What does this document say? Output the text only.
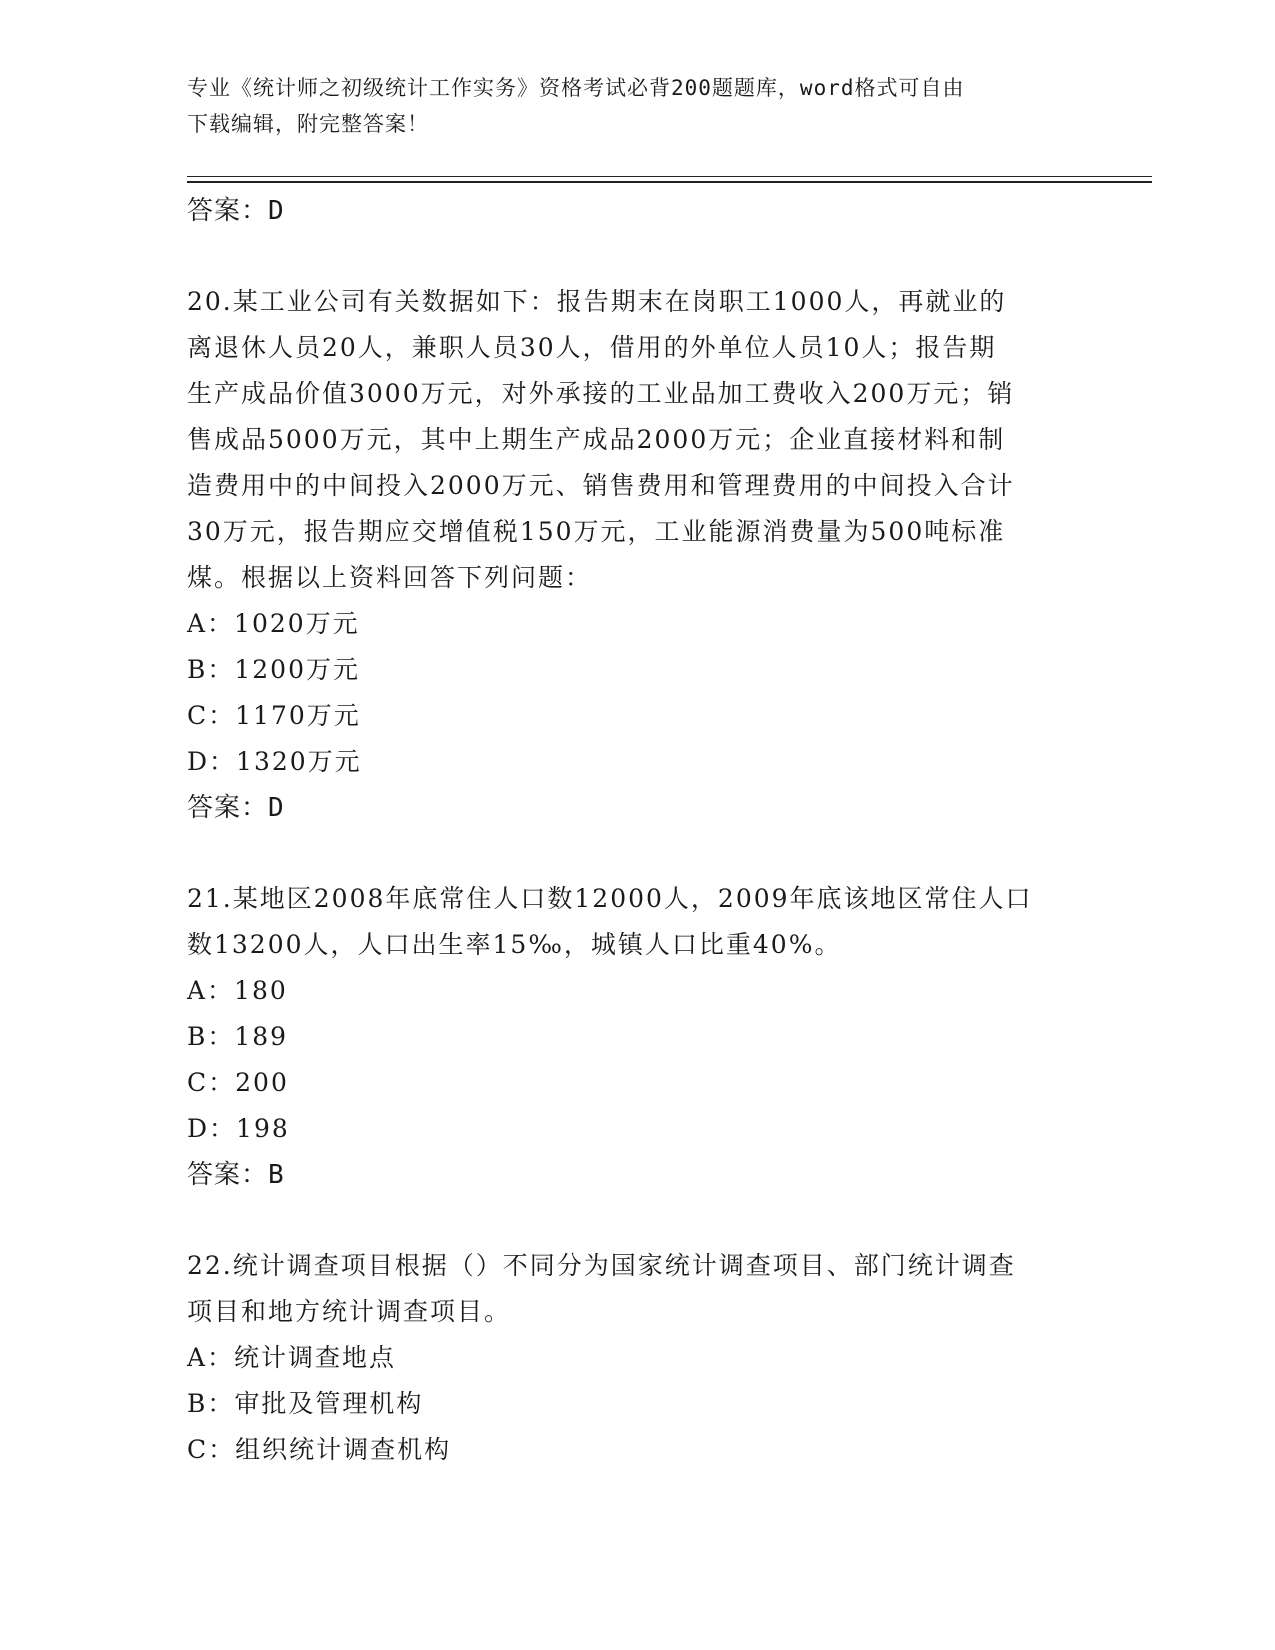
专业《统计师之初级统计工作实务》资格考试必背200题题库，word格式可自由
下载编辑，附完整答案！
答案：D
20.某工业公司有关数据如下：报告期末在岗职工1000人，再就业的
离退休人员20人，兼职人员30人，借用的外单位人员10人；报告期
生产成品价值3000万元，对外承接的工业品加工费收入200万元；销
售成品5000万元，其中上期生产成品2000万元；企业直接材料和制
造费用中的中间投入2000万元、销售费用和管理费用的中间投入合计
30万元，报告期应交增值税150万元，工业能源消费量为500吨标准
煤。根据以上资料回答下列问题：
A：1020万元
B：1200万元
C：1170万元
D：1320万元
答案：D
21.某地区2008年底常住人口数12000人，2009年底该地区常住人口
数13200人，人口出生率15‰，城镇人口比重40%。
A：180
B：189
C：200
D：198
答案：B
22.统计调查项目根据（）不同分为国家统计调查项目、部门统计调查
项目和地方统计调查项目。
A：统计调查地点
B：审批及管理机构
C：组织统计调查机构
